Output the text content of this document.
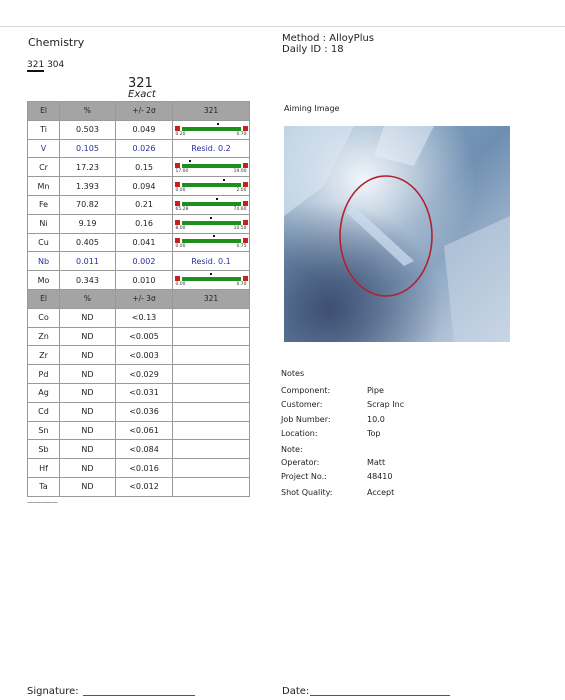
Chemistry	Method : AlloyPlus
Daily ID : 18
321 304
321
Exact
El	%	+/- 2σ	321
Ti	0.503	0.049	0.20 0.70

V	0.105	0.026	Resid. 0.2
Cr	17.23	0.15	17.00 19.00

Mn	1.393	0.094	0.00 2.00

Fe	70.82	0.21	65.28 74.60

Ni	9.19	0.16	8.00 10.50

Cu	0.405	0.041	0.00 0.75

Nb	0.011	0.002	Resid. 0.1
Mo	0.343	0.010	0.00 0.70

El	%	+/- 3σ	321
Co	ND	<0.13	
Zn	ND	<0.005	
Zr	ND	<0.003	
Pd	ND	<0.029	
Ag	ND	<0.031	
Cd	ND	<0.036	
Sn	ND	<0.061	
Sb	ND	<0.084	
Hf	ND	<0.016	
Ta	ND	<0.012	
·································
Aiming Image
Notes
Component:	Pipe
Customer:	Scrap Inc
Job Number:	10.0
Location:	Top
Note:
Operator:	Matt
Project No.:	48410
Shot Quality:	Accept
Signature:	Date:
